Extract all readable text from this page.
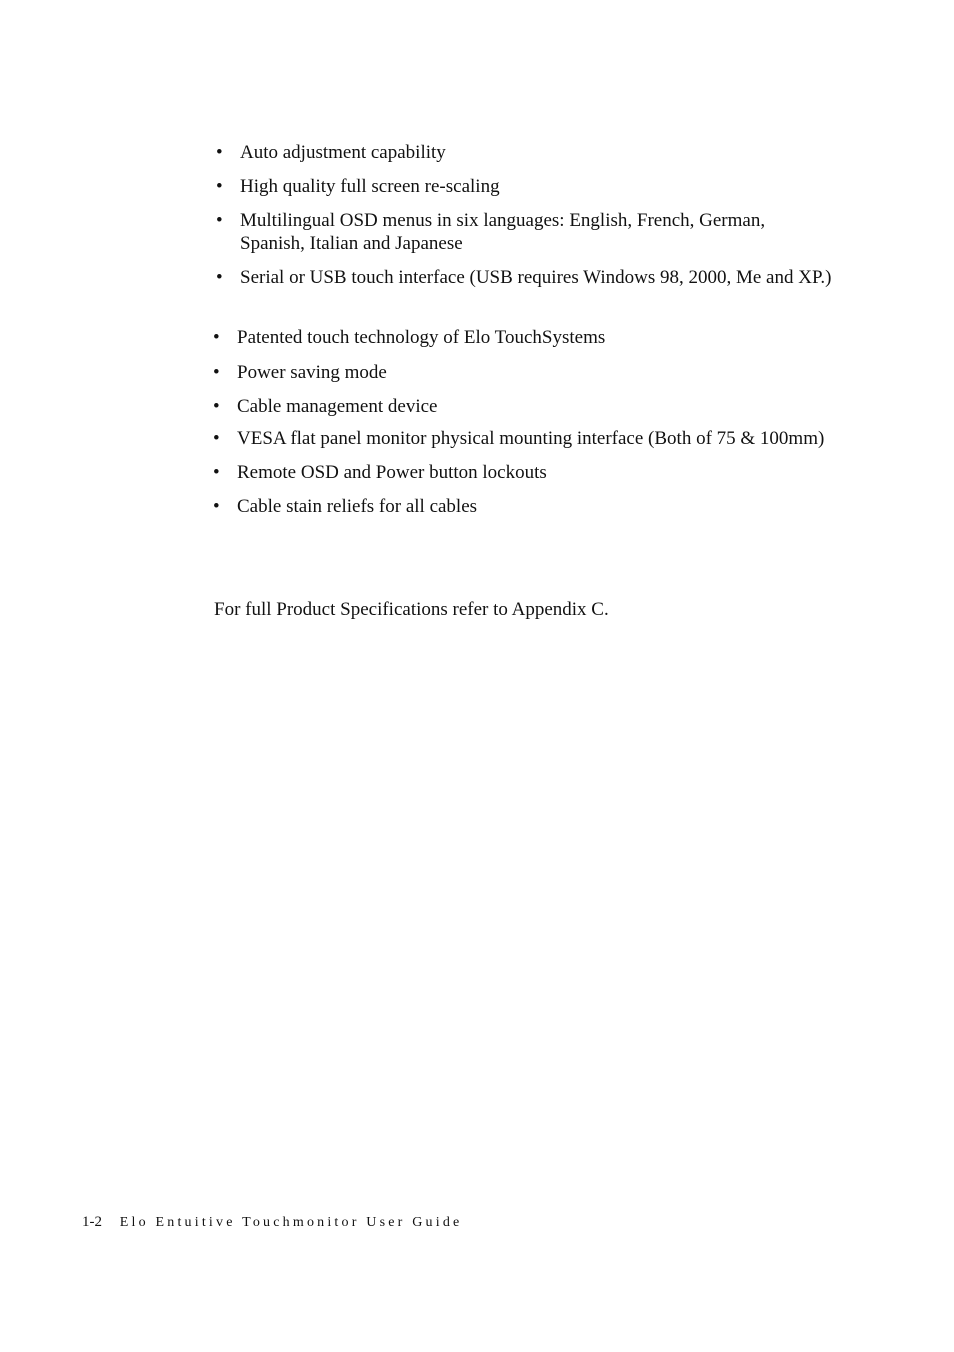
• Auto adjustment capability
• High quality full screen re-scaling
• Multilingual OSD menus in six languages: English, French, German, Spanish, Italian and Japanese
• Serial or USB touch interface (USB requires Windows 98, 2000, Me and XP.)
• Patented touch technology of Elo TouchSystems
• Power saving mode
• Cable management device
• VESA flat panel monitor physical mounting interface (Both of 75 & 100mm)
• Remote OSD and Power button lockouts
• Cable stain reliefs for all cables

For full Product Specifications refer to Appendix C.

1-2 Elo Entuitive Touchmonitor User Guide
